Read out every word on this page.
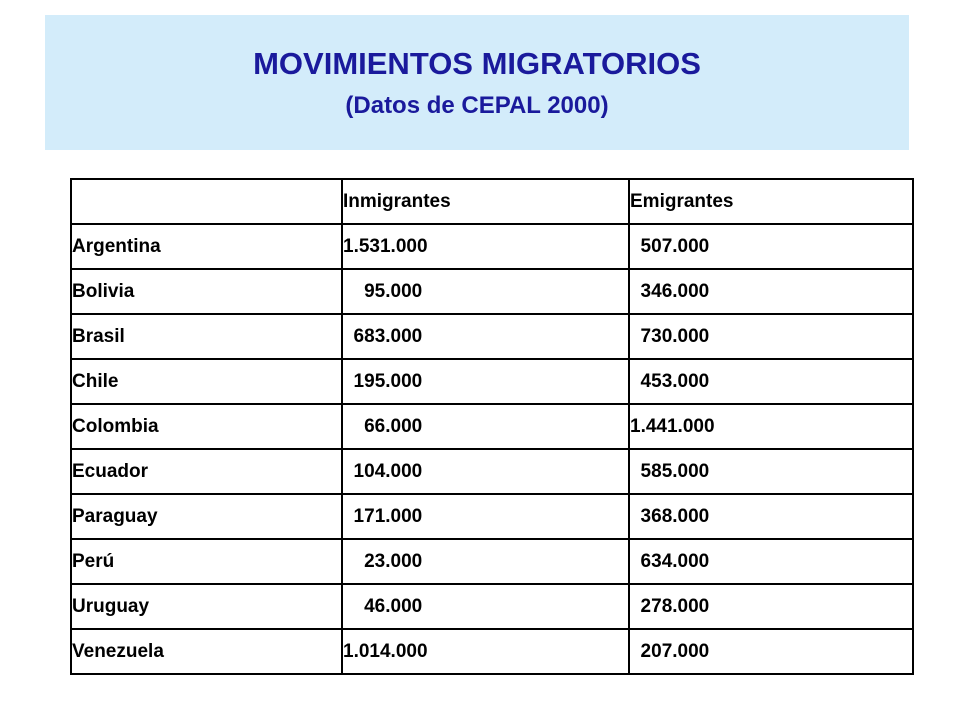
MOVIMIENTOS MIGRATORIOS
(Datos de CEPAL 2000)
	Inmigrantes	Emigrantes
Argentina	1.531.000	507.000
Bolivia	95.000	346.000
Brasil	683.000	730.000
Chile	195.000	453.000
Colombia	66.000	1.441.000
Ecuador	104.000	585.000
Paraguay	171.000	368.000
Perú	23.000	634.000
Uruguay	46.000	278.000
Venezuela	1.014.000	207.000
